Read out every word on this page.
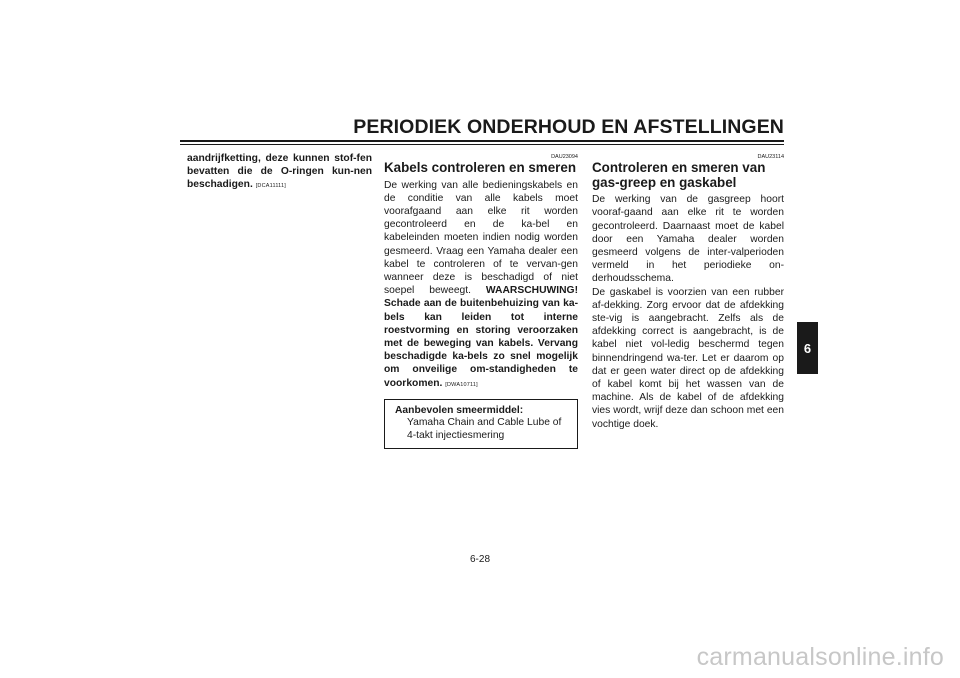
PERIODIEK ONDERHOUD EN AFSTELLINGEN

aandrijfketting, deze kunnen stof-fen bevatten die de O-ringen kun-nen beschadigen. [DCA11111]

DAU23094
Kabels controleren en smeren

De werking van alle bedieningskabels en de conditie van alle kabels moet voorafgaand aan elke rit worden gecontroleerd en de ka-bel en kabeleinden moeten indien nodig worden gesmeerd. Vraag een Yamaha dealer een kabel te controleren of te vervan-gen wanneer deze is beschadigd of niet soepel beweegt. WAARSCHUWING! Schade aan de buitenbehuizing van ka-bels kan leiden tot interne roestvorming en storing veroorzaken met de beweging van kabels. Vervang beschadigde ka-bels zo snel mogelijk om onveilige om-standigheden te voorkomen. [DWA10711]

Aanbevolen smeermiddel:
Yamaha Chain and Cable Lube of 4-takt injectiesmering
DAU23114
Controleren en smeren van gas-greep en gaskabel

De werking van de gasgreep hoort vooraf-gaand aan elke rit te worden gecontroleerd. Daarnaast moet de kabel door een Yamaha dealer worden gesmeerd volgens de inter-valperioden vermeld in het periodieke on-derhoudsschema.

De gaskabel is voorzien van een rubber af-dekking. Zorg ervoor dat de afdekking ste-vig is aangebracht. Zelfs als de afdekking correct is aangebracht, is de kabel niet vol-ledig beschermd tegen binnendringend wa-ter. Let er daarom op dat er geen water direct op de afdekking of kabel komt bij het wassen van de machine. Als de kabel of de afdekking vies wordt, wrijf deze dan schoon met een vochtige doek.

6
6-28
carmanualsonline.info
